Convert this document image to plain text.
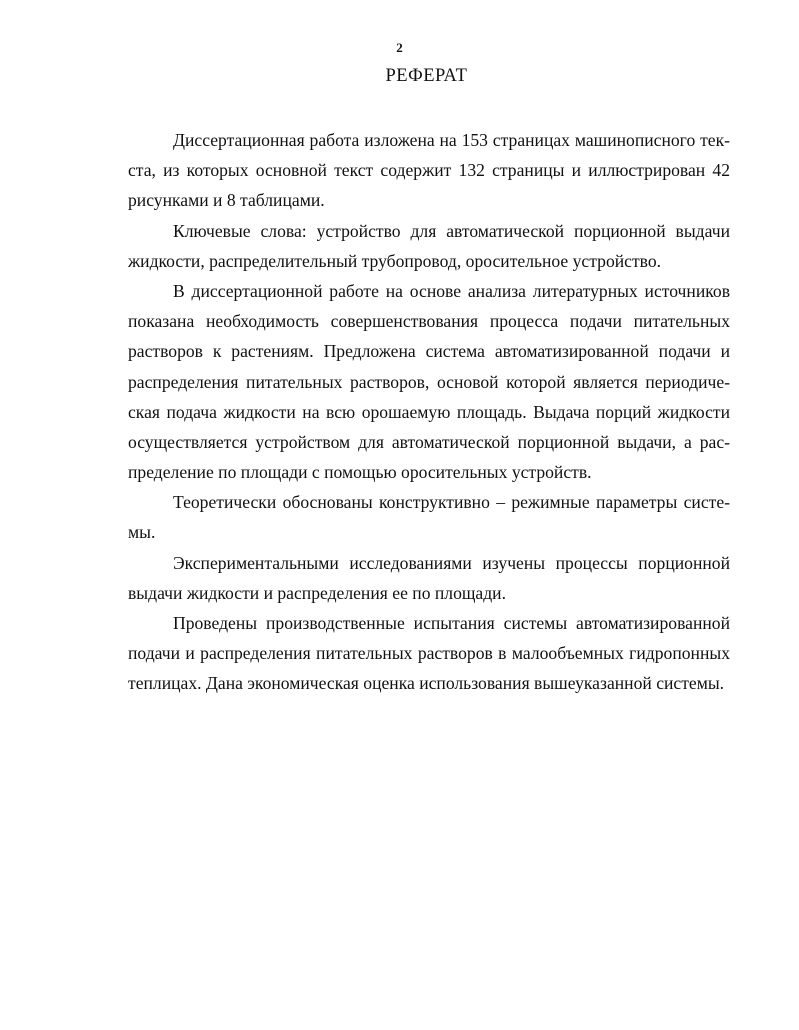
2
РЕФЕРАТ
Диссертационная работа изложена на 153 страницах машинописного тек-
ста, из которых основной текст содержит 132 страницы и иллюстрирован 42
рисунками и 8 таблицами.
Ключевые слова: устройство для автоматической порционной выдачи
жидкости, распределительный трубопровод, оросительное устройство.
В диссертационной работе на основе анализа литературных источников
показана необходимость совершенствования процесса подачи питательных
растворов к растениям. Предложена система автоматизированной подачи и
распределения питательных растворов, основой которой является периодиче-
ская подача жидкости на всю орошаемую площадь. Выдача порций жидкости
осуществляется устройством для автоматической порционной выдачи, а рас-
пределение по площади с помощью оросительных устройств.
Теоретически обоснованы конструктивно – режимные параметры систе-
мы.
Экспериментальными исследованиями изучены процессы порционной
выдачи жидкости и распределения ее по площади.
Проведены производственные испытания системы автоматизированной
подачи и распределения питательных растворов в малообъемных гидропонных
теплицах. Дана экономическая оценка использования вышеуказанной системы.
